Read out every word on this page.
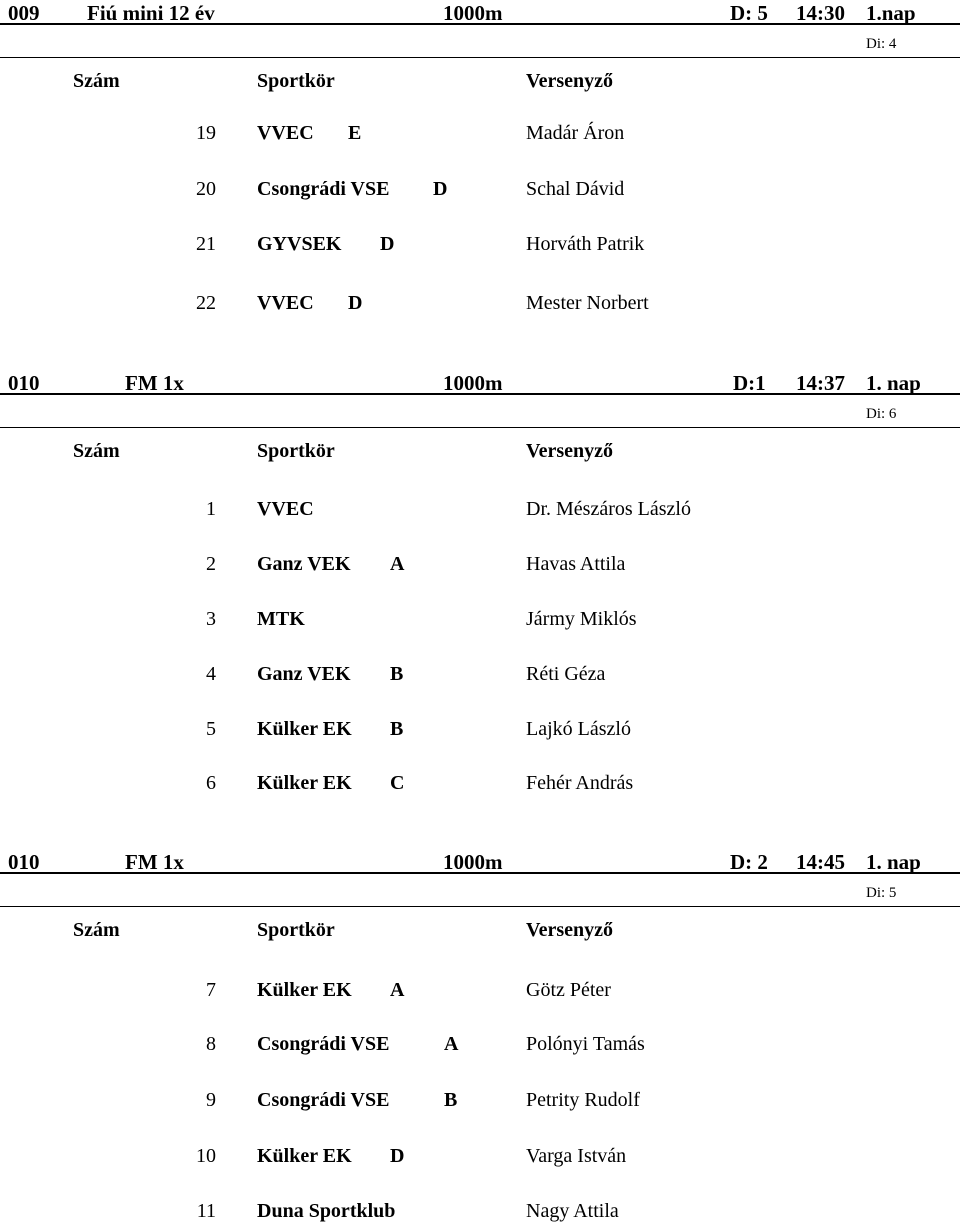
009 Fiú mini 12 év	1000m	D: 5 14:30 1.nap
Di: 4
Szám	Sportkör	Versenyző
19 VVEC E	Madár Áron
20 Csongrádi VSE D	Schal Dávid
21 GYVSEK D	Horváth Patrik
22 VVEC D	Mester Norbert
010	FM 1x	1000m	D:1 14:37 1. nap
Di: 6
Szám	Sportkör	Versenyző
1 VVEC	Dr. Mészáros László
2 Ganz VEK A	Havas Attila
3 MTK	Jármy Miklós
4 Ganz VEK B	Réti Géza
5 Külker EK B	Lajkó László
6 Külker EK C	Fehér András
010	FM 1x	1000m	D: 2 14:45 1. nap
Di: 5
Szám	Sportkör	Versenyző
7 Külker EK A	Götz Péter
8 Csongrádi VSE	A	Polónyi Tamás
9 Csongrádi VSE	B	Petrity Rudolf
10 Külker EK D	Varga István
11 Duna Sportklub	Nagy Attila
